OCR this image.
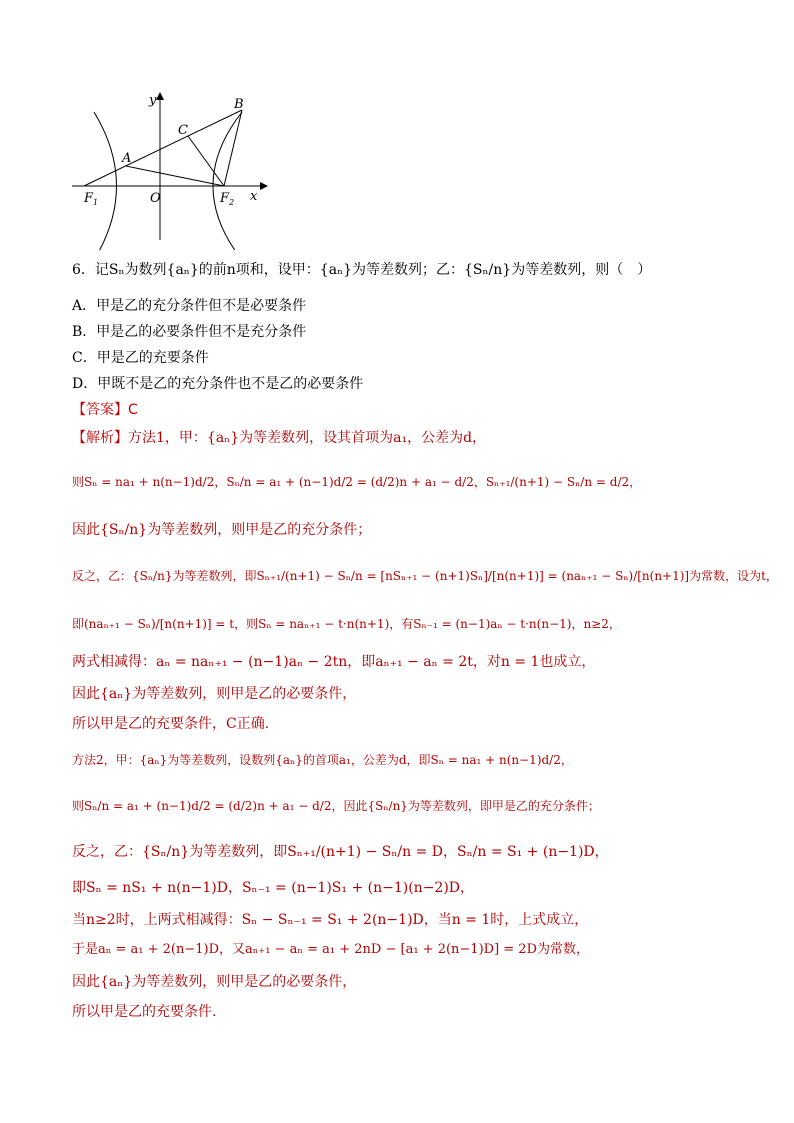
y
x
B
C
A
O
$F_1$	$F_2$
6．记Sₙ为数列{aₙ}的前n项和，设甲：{aₙ}为等差数列；乙：{Sₙ/n}为等差数列，则（　）
A．甲是乙的充分条件但不是必要条件
B．甲是乙的必要条件但不是充分条件
C．甲是乙的充要条件
D．甲既不是乙的充分条件也不是乙的必要条件
【答案】C
【解析】方法1，甲：{aₙ}为等差数列，设其首项为a₁，公差为d，
则Sₙ = na₁ + n(n−1)d/2，Sₙ/n = a₁ + (n−1)d/2 = (d/2)n + a₁ − d/2，Sₙ₊₁/(n+1) − Sₙ/n = d/2，
因此{Sₙ/n}为等差数列，则甲是乙的充分条件；
反之，乙：{Sₙ/n}为等差数列，即Sₙ₊₁/(n+1) − Sₙ/n = [nSₙ₊₁ − (n+1)Sₙ]/[n(n+1)] = (naₙ₊₁ − Sₙ)/[n(n+1)]为常数，设为t，
即(naₙ₊₁ − Sₙ)/[n(n+1)] = t，则Sₙ = naₙ₊₁ − t·n(n+1)，有Sₙ₋₁ = (n−1)aₙ − t·n(n−1)，n≥2，
两式相减得：aₙ = naₙ₊₁ − (n−1)aₙ − 2tn，即aₙ₊₁ − aₙ = 2t，对n = 1也成立，
因此{aₙ}为等差数列，则甲是乙的必要条件，
所以甲是乙的充要条件，C正确.
方法2，甲：{aₙ}为等差数列，设数列{aₙ}的首项a₁，公差为d，即Sₙ = na₁ + n(n−1)d/2，
则Sₙ/n = a₁ + (n−1)d/2 = (d/2)n + a₁ − d/2，因此{Sₙ/n}为等差数列，即甲是乙的充分条件；
反之，乙：{Sₙ/n}为等差数列，即Sₙ₊₁/(n+1) − Sₙ/n = D，Sₙ/n = S₁ + (n−1)D，
即Sₙ = nS₁ + n(n−1)D，Sₙ₋₁ = (n−1)S₁ + (n−1)(n−2)D，
当n≥2时，上两式相减得：Sₙ − Sₙ₋₁ = S₁ + 2(n−1)D，当n = 1时，上式成立，
于是aₙ = a₁ + 2(n−1)D，又aₙ₊₁ − aₙ = a₁ + 2nD − [a₁ + 2(n−1)D] = 2D为常数，
因此{aₙ}为等差数列，则甲是乙的必要条件，
所以甲是乙的充要条件.
